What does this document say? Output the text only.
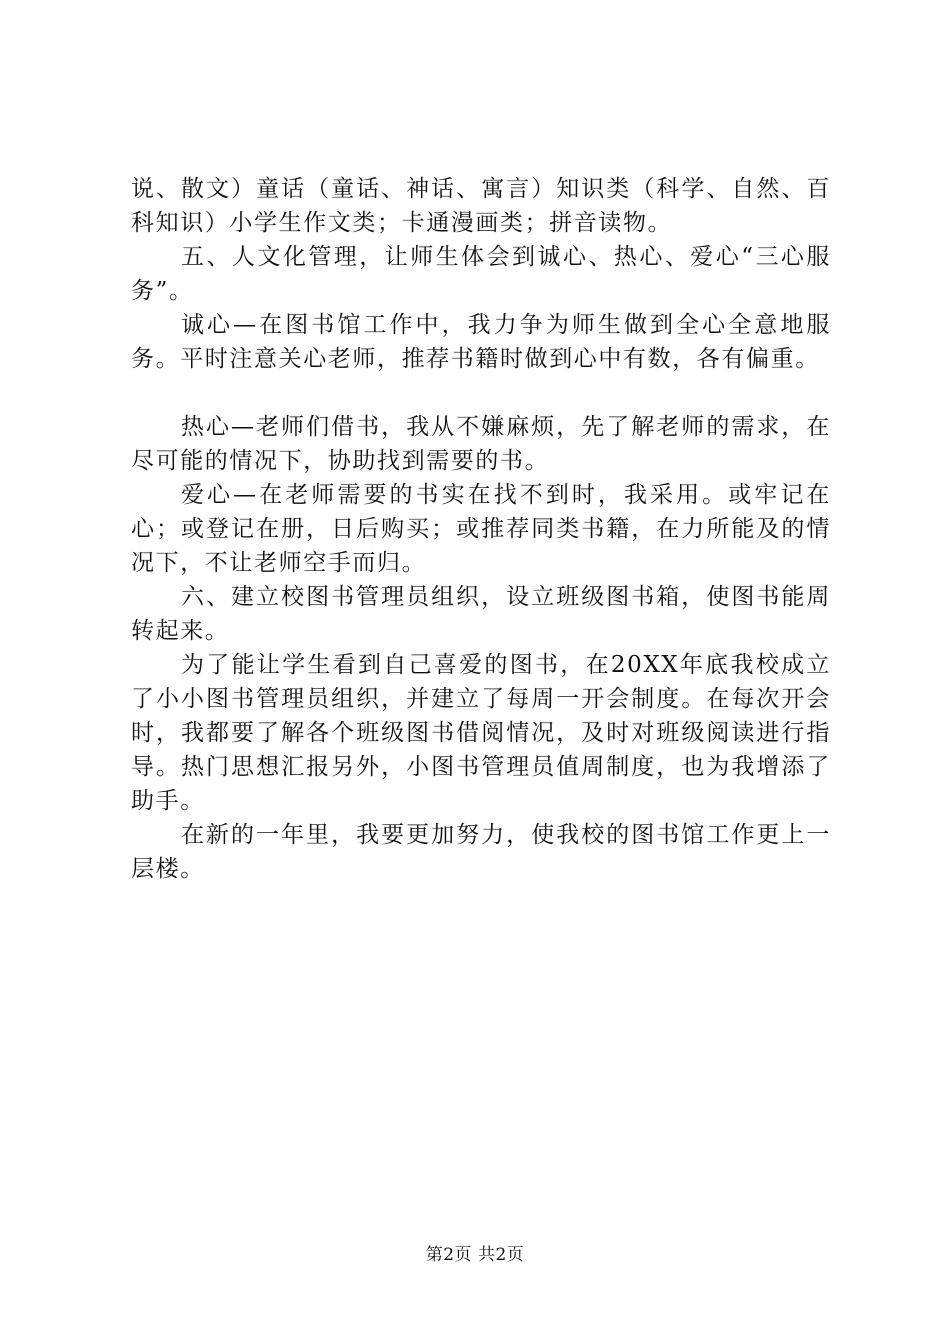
说、散文）童话（童话、神话、寓言）知识类（科学、自然、百科知识）小学生作文类；卡通漫画类；拼音读物。

五、人文化管理，让师生体会到诚心、热心、爱心“三心服务”。

诚心—在图书馆工作中，我力争为师生做到全心全意地服务。平时注意关心老师，推荐书籍时做到心中有数，各有偏重。

热心—老师们借书，我从不嫌麻烦，先了解老师的需求，在尽可能的情况下，协助找到需要的书。

爱心—在老师需要的书实在找不到时，我采用。或牢记在心；或登记在册，日后购买；或推荐同类书籍，在力所能及的情况下，不让老师空手而归。

六、建立校图书管理员组织，设立班级图书箱，使图书能周转起来。

为了能让学生看到自己喜爱的图书，在20XX年底我校成立了小小图书管理员组织，并建立了每周一开会制度。在每次开会时，我都要了解各个班级图书借阅情况，及时对班级阅读进行指导。热门思想汇报另外，小图书管理员值周制度，也为我增添了助手。

在新的一年里，我要更加努力，使我校的图书馆工作更上一层楼。

第2页 共2页
